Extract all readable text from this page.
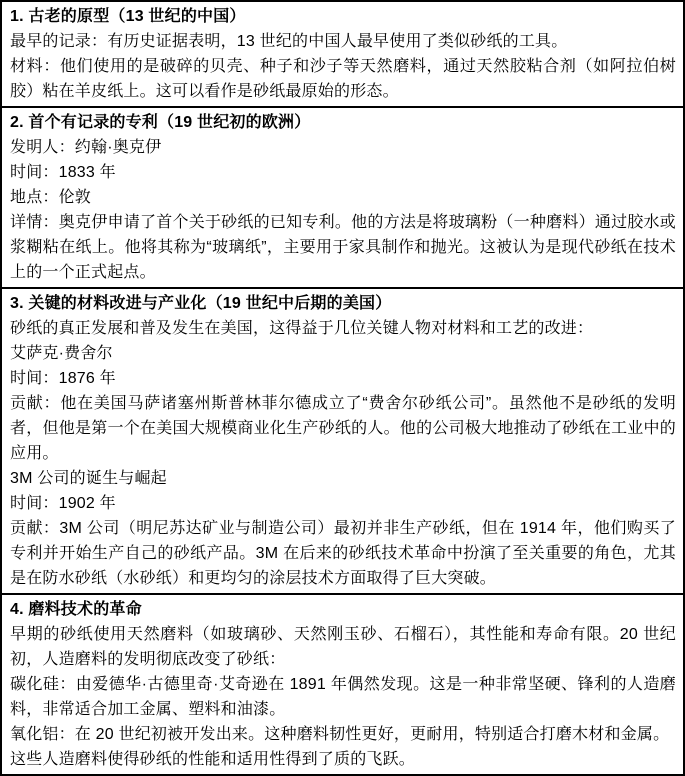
1. 古老的原型（13 世纪的中国）

最早的记录：有历史证据表明，13 世纪的中国人最早使用了类似砂纸的工具。

材料：他们使用的是破碎的贝壳、种子和沙子等天然磨料，通过天然胶粘合剂（如阿拉伯树胶）粘在羊皮纸上。这可以看作是砂纸最原始的形态。

2. 首个有记录的专利（19 世纪初的欧洲）

发明人：约翰·奥克伊

时间：1833 年

地点：伦敦

详情：奥克伊申请了首个关于砂纸的已知专利。他的方法是将玻璃粉（一种磨料）通过胶水或浆糊粘在纸上。他将其称为“玻璃纸”，主要用于家具制作和抛光。这被认为是现代砂纸在技术上的一个正式起点。

3. 关键的材料改进与产业化（19 世纪中后期的美国）

砂纸的真正发展和普及发生在美国，这得益于几位关键人物对材料和工艺的改进：

艾萨克·费舍尔

时间：1876 年

贡献：他在美国马萨诸塞州斯普林菲尔德成立了“费舍尔砂纸公司”。虽然他不是砂纸的发明者，但他是第一个在美国大规模商业化生产砂纸的人。他的公司极大地推动了砂纸在工业中的应用。

3M 公司的诞生与崛起

时间：1902 年

贡献：3M 公司（明尼苏达矿业与制造公司）最初并非生产砂纸，但在 1914 年，他们购买了专利并开始生产自己的砂纸产品。3M 在后来的砂纸技术革命中扮演了至关重要的角色，尤其是在防水砂纸（水砂纸）和更均匀的涂层技术方面取得了巨大突破。

4. 磨料技术的革命

早期的砂纸使用天然磨料（如玻璃砂、天然刚玉砂、石榴石），其性能和寿命有限。20 世纪初，人造磨料的发明彻底改变了砂纸：

碳化硅：由爱德华·古德里奇·艾奇逊在 1891 年偶然发现。这是一种非常坚硬、锋利的人造磨料，非常适合加工金属、塑料和油漆。

氧化铝：在 20 世纪初被开发出来。这种磨料韧性更好，更耐用，特别适合打磨木材和金属。

这些人造磨料使得砂纸的性能和适用性得到了质的飞跃。
